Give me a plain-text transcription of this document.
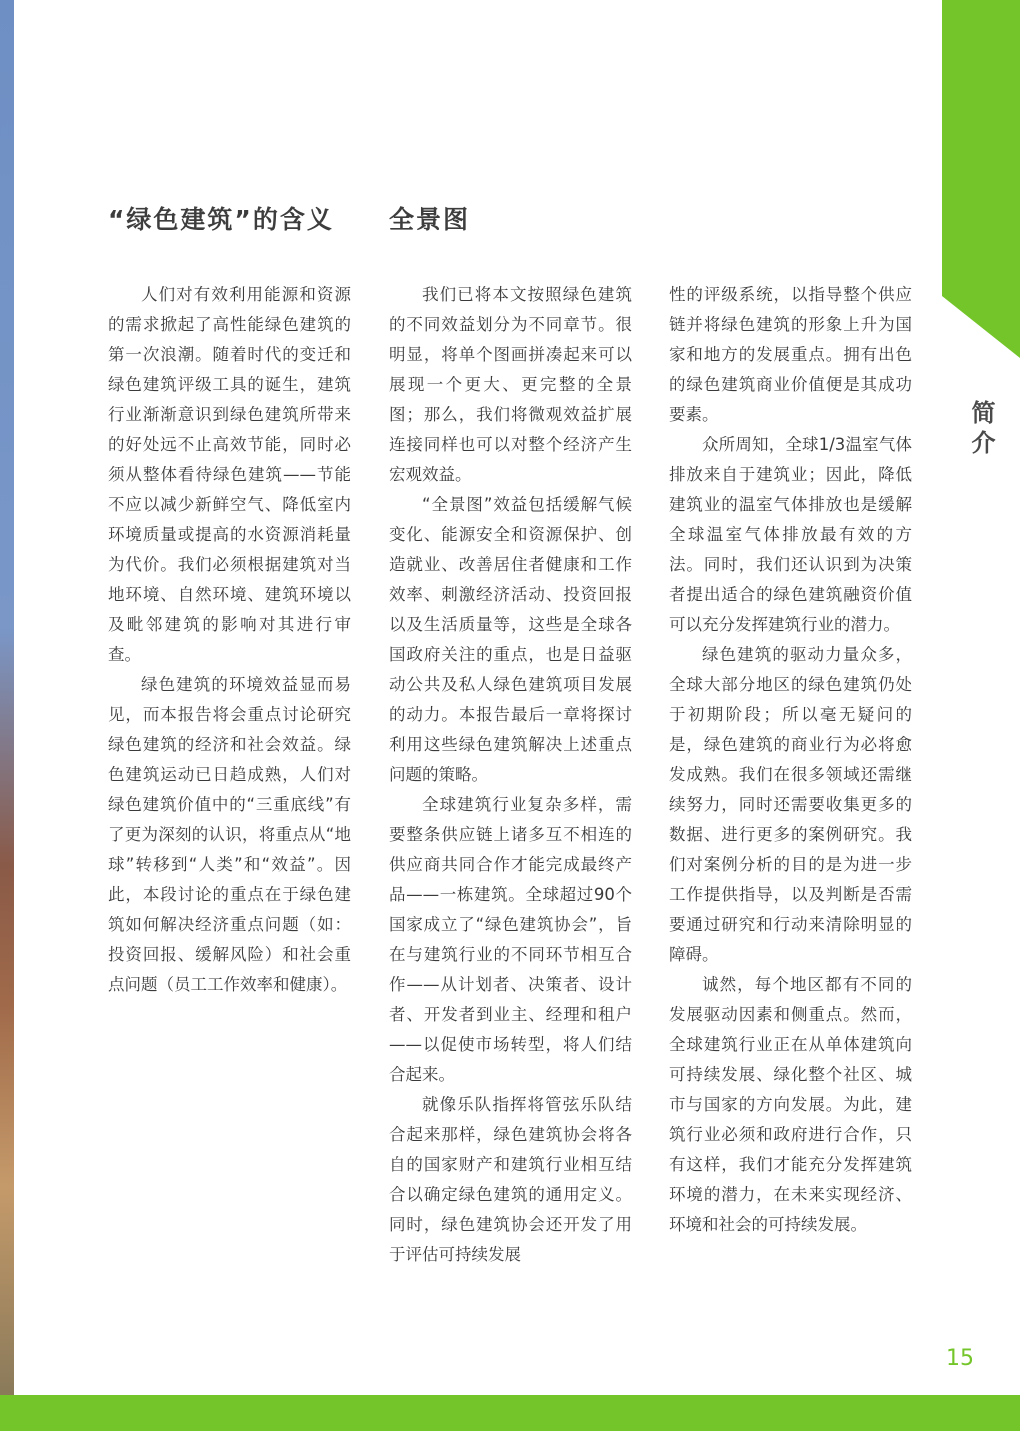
简介
“绿色建筑”的含义 全景图

人们对有效利用能源和资源的需求掀起了高性能绿色建筑的第一次浪潮。随着时代的变迁和绿色建筑评级工具的诞生，建筑行业渐渐意识到绿色建筑所带来的好处远不止高效节能，同时必须从整体看待绿色建筑——节能不应以减少新鲜空气、降低室内环境质量或提高的水资源消耗量为代价。我们必须根据建筑对当地环境、自然环境、建筑环境以及毗邻建筑的影响对其进行审查。

绿色建筑的环境效益显而易见，而本报告将会重点讨论研究绿色建筑的经济和社会效益。绿色建筑运动已日趋成熟，人们对绿色建筑价值中的“三重底线”有了更为深刻的认识，将重点从“地球”转移到“人类”和“效益”。因此，本段讨论的重点在于绿色建筑如何解决经济重点问题（如：投资回报、缓解风险）和社会重点问题（员工工作效率和健康）。

我们已将本文按照绿色建筑的不同效益划分为不同章节。很明显，将单个图画拼凑起来可以展现一个更大、更完整的全景图；那么，我们将微观效益扩展连接同样也可以对整个经济产生宏观效益。

“全景图”效益包括缓解气候变化、能源安全和资源保护、创造就业、改善居住者健康和工作效率、刺激经济活动、投资回报以及生活质量等，这些是全球各国政府关注的重点，也是日益驱动公共及私人绿色建筑项目发展的动力。本报告最后一章将探讨利用这些绿色建筑解决上述重点问题的策略。

全球建筑行业复杂多样，需要整条供应链上诸多互不相连的供应商共同合作才能完成最终产品——一栋建筑。全球超过90个国家成立了“绿色建筑协会”，旨在与建筑行业的不同环节相互合作——从计划者、决策者、设计者、开发者到业主、经理和租户——以促使市场转型，将人们结合起来。

就像乐队指挥将管弦乐队结合起来那样，绿色建筑协会将各自的国家财产和建筑行业相互结合以确定绿色建筑的通用定义。同时，绿色建筑协会还开发了用于评估可持续发展

性的评级系统，以指导整个供应链并将绿色建筑的形象上升为国家和地方的发展重点。拥有出色的绿色建筑商业价值便是其成功要素。

众所周知，全球1/3温室气体排放来自于建筑业；因此，降低建筑业的温室气体排放也是缓解全球温室气体排放最有效的方法。同时，我们还认识到为决策者提出适合的绿色建筑融资价值可以充分发挥建筑行业的潜力。

绿色建筑的驱动力量众多，全球大部分地区的绿色建筑仍处于初期阶段；所以毫无疑问的是，绿色建筑的商业行为必将愈发成熟。我们在很多领域还需继续努力，同时还需要收集更多的数据、进行更多的案例研究。我们对案例分析的目的是为进一步工作提供指导，以及判断是否需要通过研究和行动来清除明显的障碍。

诚然，每个地区都有不同的发展驱动因素和侧重点。然而，全球建筑行业正在从单体建筑向可持续发展、绿化整个社区、城市与国家的方向发展。为此，建筑行业必须和政府进行合作，只有这样，我们才能充分发挥建筑环境的潜力，在未来实现经济、环境和社会的可持续发展。

15
